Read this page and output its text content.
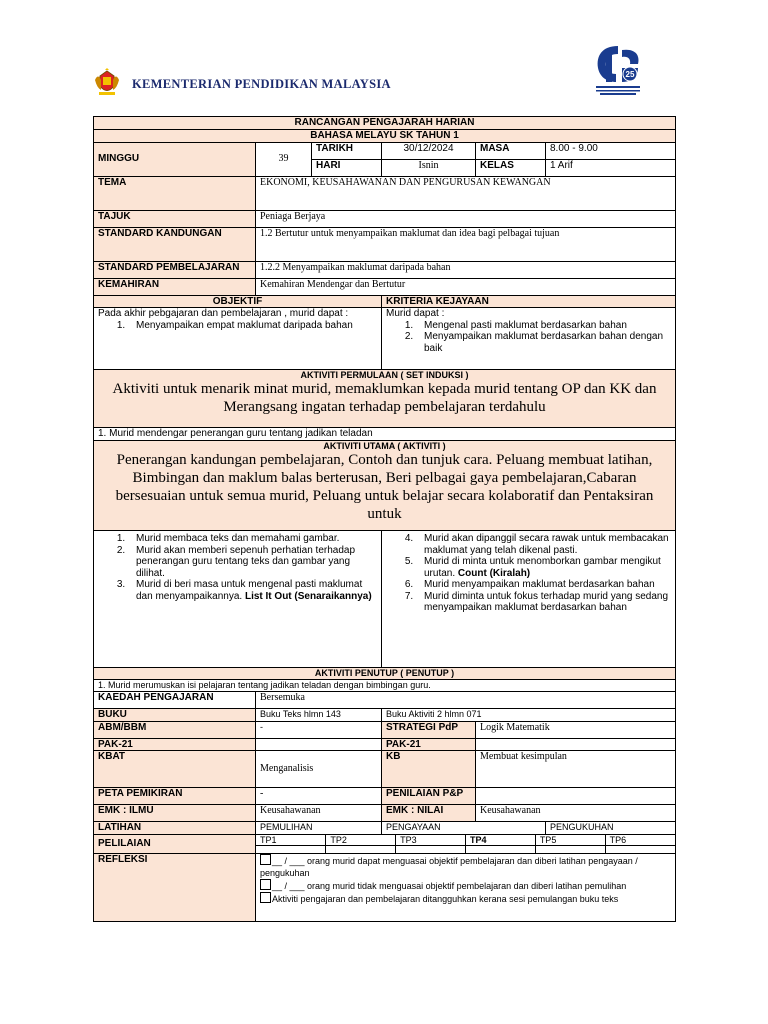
KEMENTERIAN PENDIDIKAN MALAYSIA
25
RANCANGAN PENGAJARAH HARIAN
BAHASA MELAYU SK TAHUN 1
MINGGU	39	TARIKH	30/12/2024	MASA	8.00 - 9.00
HARI	Isnin	KELAS	1 Arif
TEMA	EKONOMI, KEUSAHAWANAN DAN PENGURUSAN KEWANGAN
TAJUK	Peniaga Berjaya
STANDARD KANDUNGAN	1.2 Bertutur untuk menyampaikan maklumat dan idea bagi pelbagai tujuan
STANDARD PEMBELAJARAN	1.2.2 Menyampaikan maklumat daripada bahan
KEMAHIRAN	Kemahiran Mendengar dan Bertutur
OBJEKTIF	KRITERIA KEJAYAAN

Pada akhir pebgajaran dan pembelajaran , murid dapat :
1. Menyampaikan empat maklumat daripada bahan

Murid dapat :
1. Mengenal pasti maklumat berdasarkan bahan
2. Menyampaikan maklumat berdasarkan bahan dengan baik

AKTIVITI PERMULAAN ( SET INDUKSI )
Aktiviti untuk menarik minat murid, memaklumkan kepada murid tentang OP dan KK dan Merangsang ingatan terhadap pembelajaran terdahulu

1. Murid mendengar penerangan guru tentang jadikan teladan

AKTIVITI UTAMA ( AKTIVITI )
Penerangan kandungan pembelajaran, Contoh dan tunjuk cara. Peluang membuat latihan, Bimbingan dan maklum balas berterusan, Beri pelbagai gaya pembelajaran,Cabaran bersesuaian untuk semua murid, Peluang untuk belajar secara kolaboratif dan Pentaksiran untuk

1. Murid membaca teks dan memahami gambar.
2. Murid akan memberi sepenuh perhatian terhadap penerangan guru tentang teks dan gambar yang dilihat.
3. Murid di beri masa untuk mengenal pasti maklumat dan menyampaikannya. List It Out (Senaraikannya)

4. Murid akan dipanggil secara rawak untuk membacakan maklumat yang telah dikenal pasti.
5. Murid di minta untuk menomborkan gambar mengikut urutan. Count (Kiralah)
6. Murid menyampaikan maklumat berdasarkan bahan
7. Murid diminta untuk fokus terhadap murid yang sedang menyampaikan maklumat berdasarkan bahan

AKTIVITI PENUTUP ( PENUTUP )
1. Murid merumuskan isi pelajaran tentang jadikan teladan dengan bimbingan guru.
KAEDAH PENGAJARAN	Bersemuka
BUKU	Buku Teks hlmn 143	Buku Aktiviti 2 hlmn 071
ABM/BBM	-	STRATEGI PdP	Logik Matematik
PAK-21		PAK-21	
KBAT	Menganalisis	KB	Membuat kesimpulan
PETA PEMIKIRAN	-	PENILAIAN P&P	
EMK : ILMU	Keusahawanan	EMK : NILAI	Keusahawanan
LATIHAN	PEMULIHAN	PENGAYAAN	PENGUKUHAN
PELILAIAN		TP1	TP2	TP3	TP4	TP5	TP6

REFLEKSI	__ / ___ orang murid dapat menguasai objektif pembelajaran dan diberi latihan pengayaan / pengukuhan
__ / ___ orang murid tidak menguasai objektif pembelajaran dan diberi latihan pemulihan
Aktiviti pengajaran dan pembelajaran ditangguhkan kerana sesi pemulangan buku teks
